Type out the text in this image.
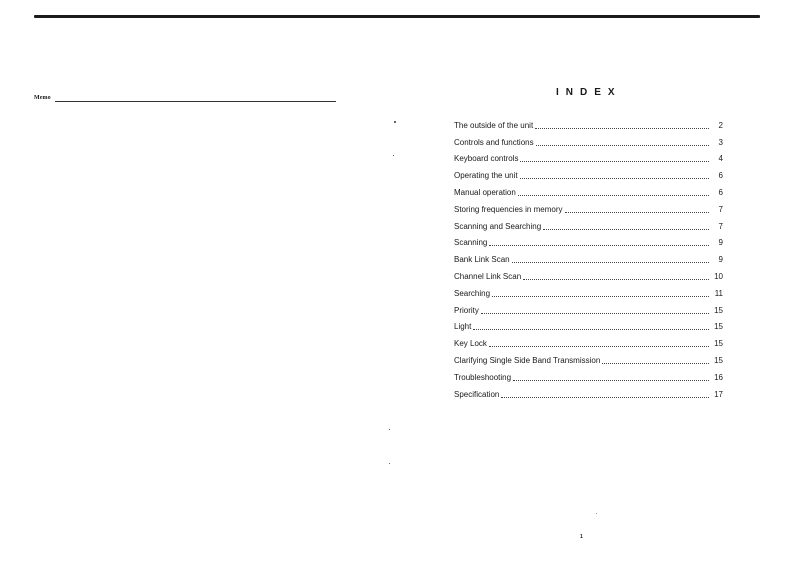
Memo	INDEX
The outside of the unit	2
Controls and functions	3
Keyboard controls	4
Operating the unit	6
Manual operation	6
Storing frequencies in memory	7
Scanning and Searching	7
Scanning	9
Bank Link Scan	9
Channel Link Scan	10
Searching	11
Priority	15
Light	15
Key Lock	15
Clarifying Single Side Band Transmission	15
Troubleshooting	16
Specification	17
1
